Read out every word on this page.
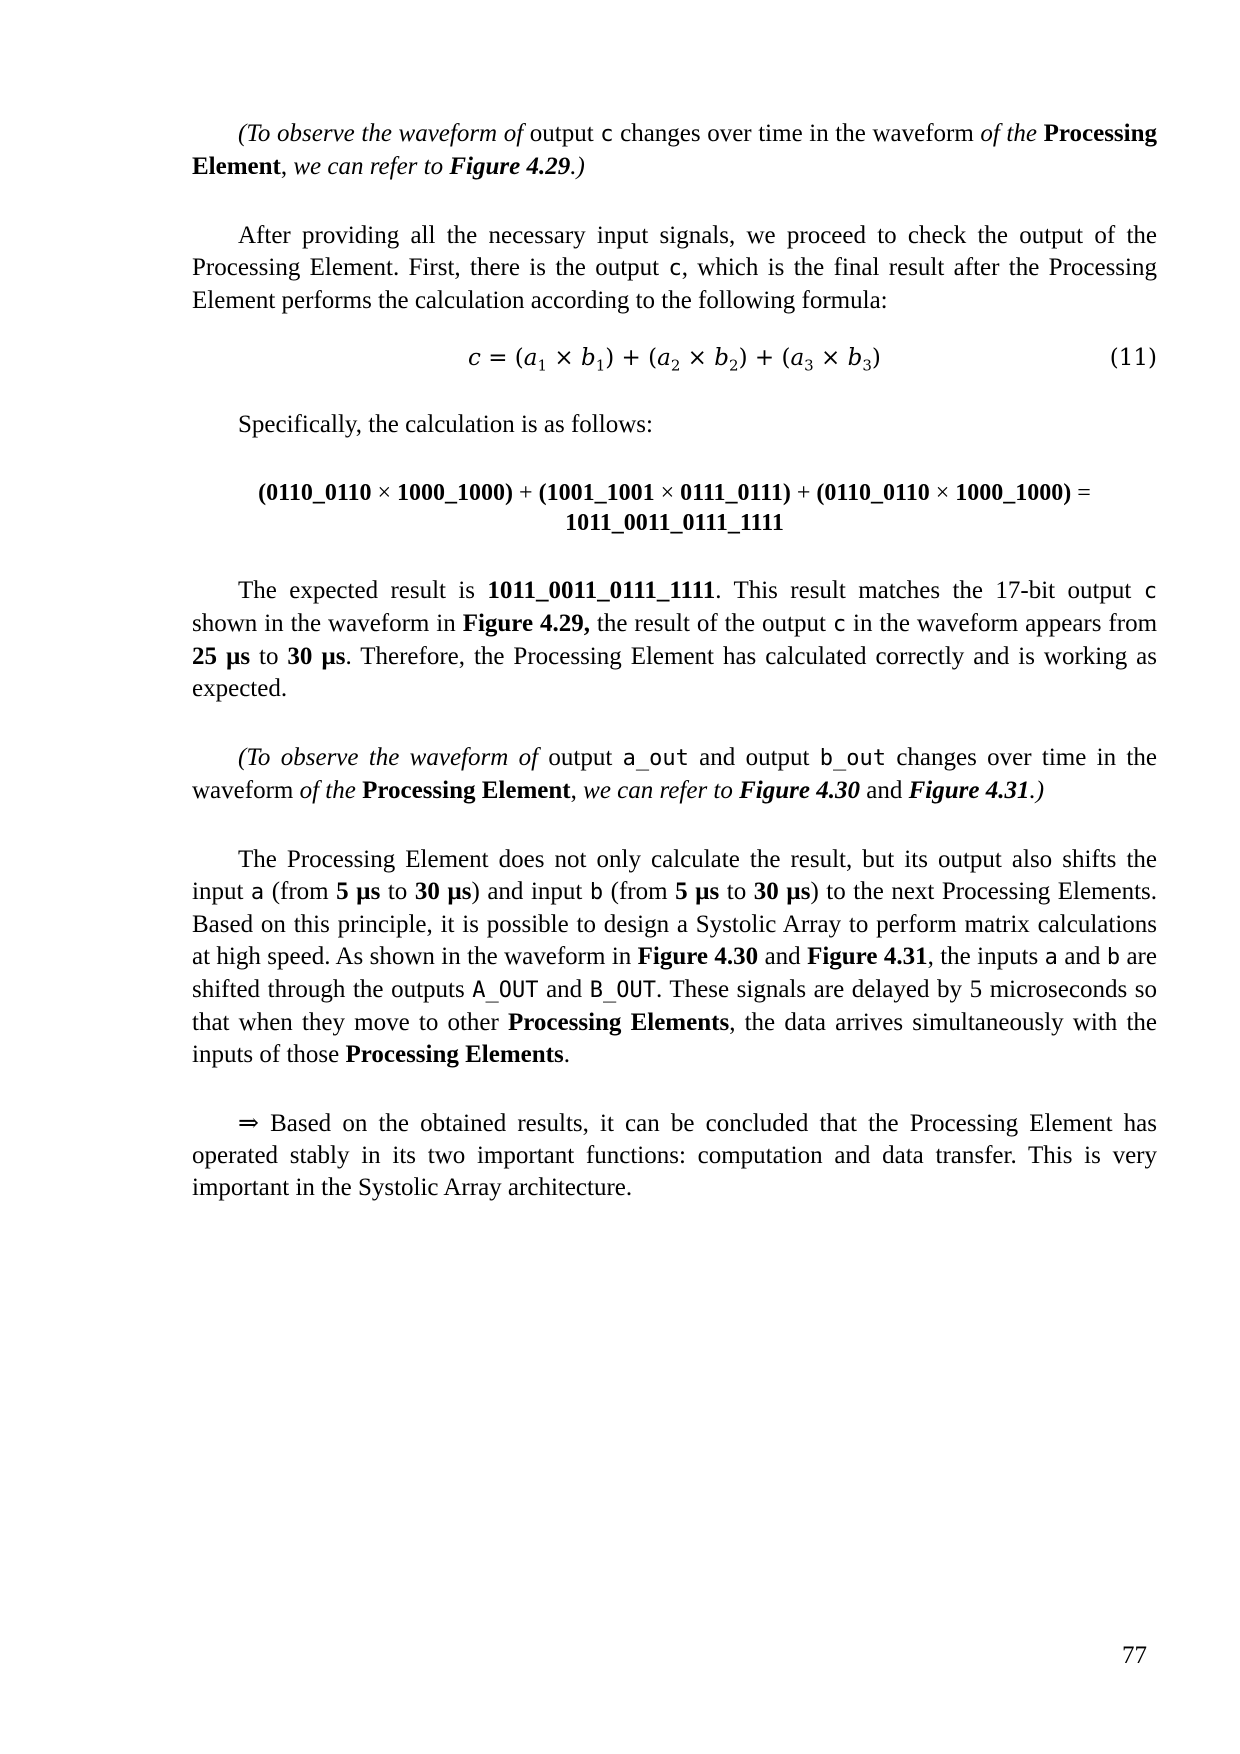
(To observe the waveform of output c changes over time in the waveform of the Processing Element, we can refer to Figure 4.29.)

After providing all the necessary input signals, we proceed to check the output of the Processing Element. First, there is the output c, which is the final result after the Processing Element performs the calculation according to the following formula:

$c = (a_1 \times b_1) + (a_2 \times b_2) + (a_3 \times b_3)$	(11)

Specifically, the calculation is as follows:

(0110_0110 × 1000_1000) + (1001_1001 × 0111_0111) + (0110_0110 × 1000_1000) =
1011_0011_0111_1111

The expected result is 1011_0011_0111_1111. This result matches the 17-bit output c shown in the waveform in Figure 4.29, the result of the output c in the waveform appears from 25 µs to 30 µs. Therefore, the Processing Element has calculated correctly and is working as expected.

(To observe the waveform of output a_out and output b_out changes over time in the waveform of the Processing Element, we can refer to Figure 4.30 and Figure 4.31.)

The Processing Element does not only calculate the result, but its output also shifts the input a (from 5 µs to 30 µs) and input b (from 5 µs to 30 µs) to the next Processing Elements. Based on this principle, it is possible to design a Systolic Array to perform matrix calculations at high speed. As shown in the waveform in Figure 4.30 and Figure 4.31, the inputs a and b are shifted through the outputs A_OUT and B_OUT. These signals are delayed by 5 microseconds so that when they move to other Processing Elements, the data arrives simultaneously with the inputs of those Processing Elements.

⇒ Based on the obtained results, it can be concluded that the Processing Element has operated stably in its two important functions: computation and data transfer. This is very important in the Systolic Array architecture.

77
